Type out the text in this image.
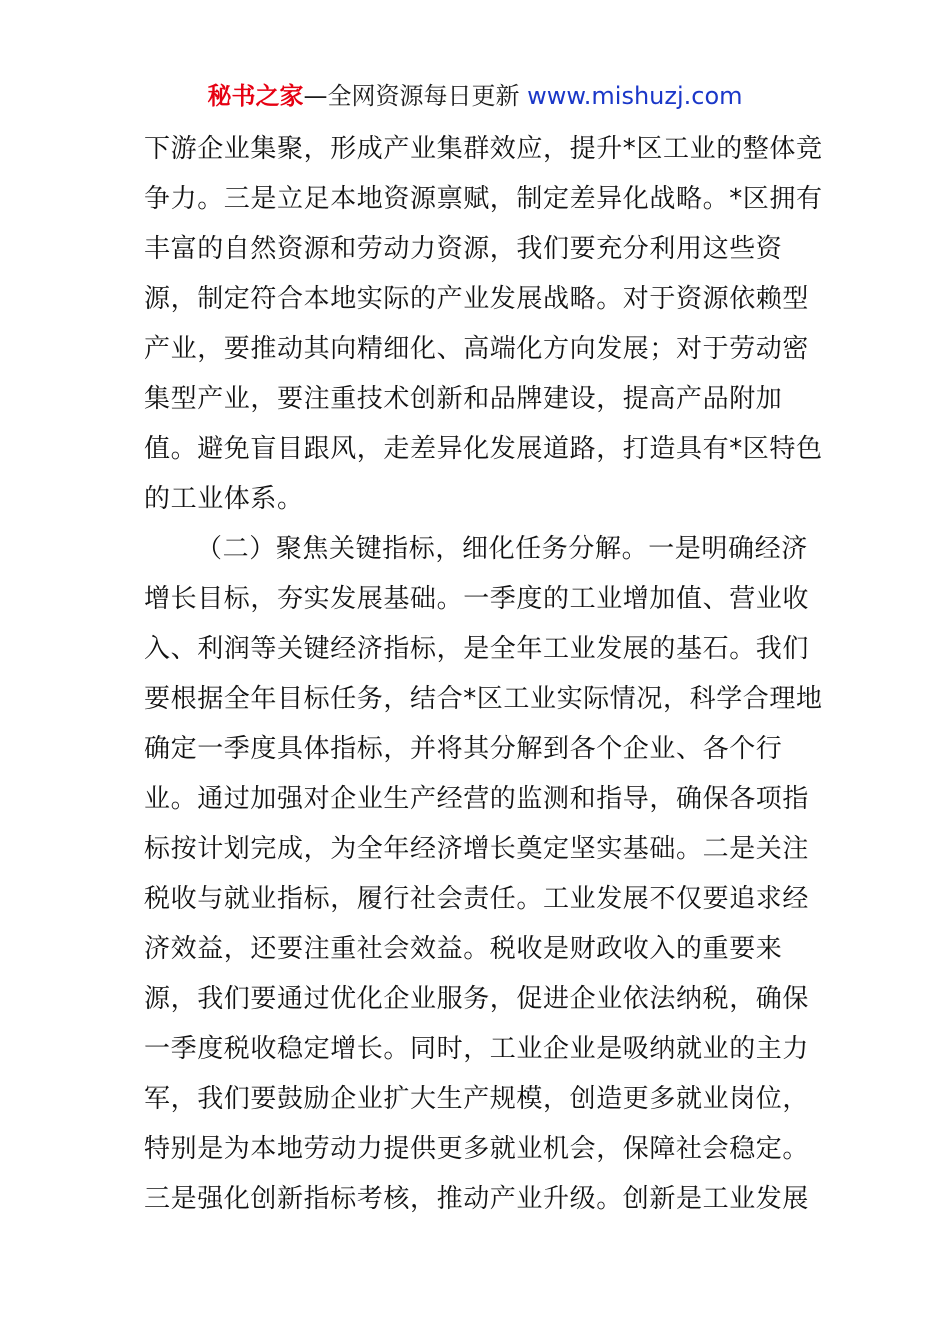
秘书之家—全网资源每日更新 www.mishuzj.com
下游企业集聚，形成产业集群效应，提升*区工业的整体竞
争力。三是立足本地资源禀赋，制定差异化战略。*区拥有
丰富的自然资源和劳动力资源，我们要充分利用这些资
源，制定符合本地实际的产业发展战略。对于资源依赖型
产业，要推动其向精细化、高端化方向发展；对于劳动密
集型产业，要注重技术创新和品牌建设，提高产品附加
值。避免盲目跟风，走差异化发展道路，打造具有*区特色
的工业体系。
（二）聚焦关键指标，细化任务分解。一是明确经济
增长目标，夯实发展基础。一季度的工业增加值、营业收
入、利润等关键经济指标，是全年工业发展的基石。我们
要根据全年目标任务，结合*区工业实际情况，科学合理地
确定一季度具体指标，并将其分解到各个企业、各个行
业。通过加强对企业生产经营的监测和指导，确保各项指
标按计划完成，为全年经济增长奠定坚实基础。二是关注
税收与就业指标，履行社会责任。工业发展不仅要追求经
济效益，还要注重社会效益。税收是财政收入的重要来
源，我们要通过优化企业服务，促进企业依法纳税，确保
一季度税收稳定增长。同时，工业企业是吸纳就业的主力
军，我们要鼓励企业扩大生产规模，创造更多就业岗位，
特别是为本地劳动力提供更多就业机会，保障社会稳定。
三是强化创新指标考核，推动产业升级。创新是工业发展
